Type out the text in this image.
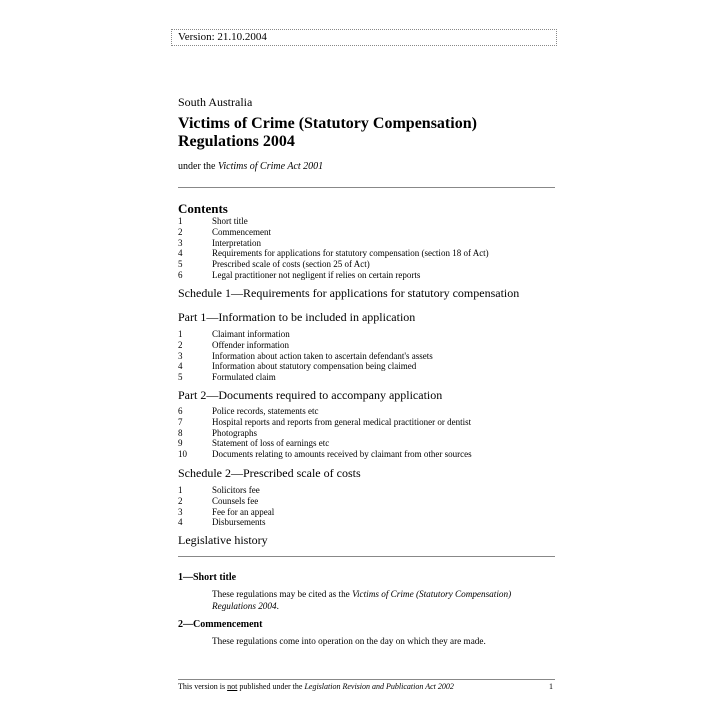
Version: 21.10.2004
South Australia
Victims of Crime (Statutory Compensation)
Regulations 2004
under the Victims of Crime Act 2001
Contents
1	Short title
2	Commencement
3	Interpretation
4	Requirements for applications for statutory compensation (section 18 of Act)
5	Prescribed scale of costs (section 25 of Act)
6	Legal practitioner not negligent if relies on certain reports
Schedule 1—Requirements for applications for statutory compensation
Part 1—Information to be included in application
1	Claimant information
2	Offender information
3	Information about action taken to ascertain defendant's assets
4	Information about statutory compensation being claimed
5	Formulated claim
Part 2—Documents required to accompany application
6	Police records, statements etc
7	Hospital reports and reports from general medical practitioner or dentist
8	Photographs
9	Statement of loss of earnings etc
10	Documents relating to amounts received by claimant from other sources
Schedule 2—Prescribed scale of costs
1	Solicitors fee
2	Counsels fee
3	Fee for an appeal
4	Disbursements
Legislative history
1—Short title
These regulations may be cited as the Victims of Crime (Statutory Compensation) Regulations 2004.
2—Commencement
These regulations come into operation on the day on which they are made.
This version is not published under the Legislation Revision and Publication Act 2002	1
